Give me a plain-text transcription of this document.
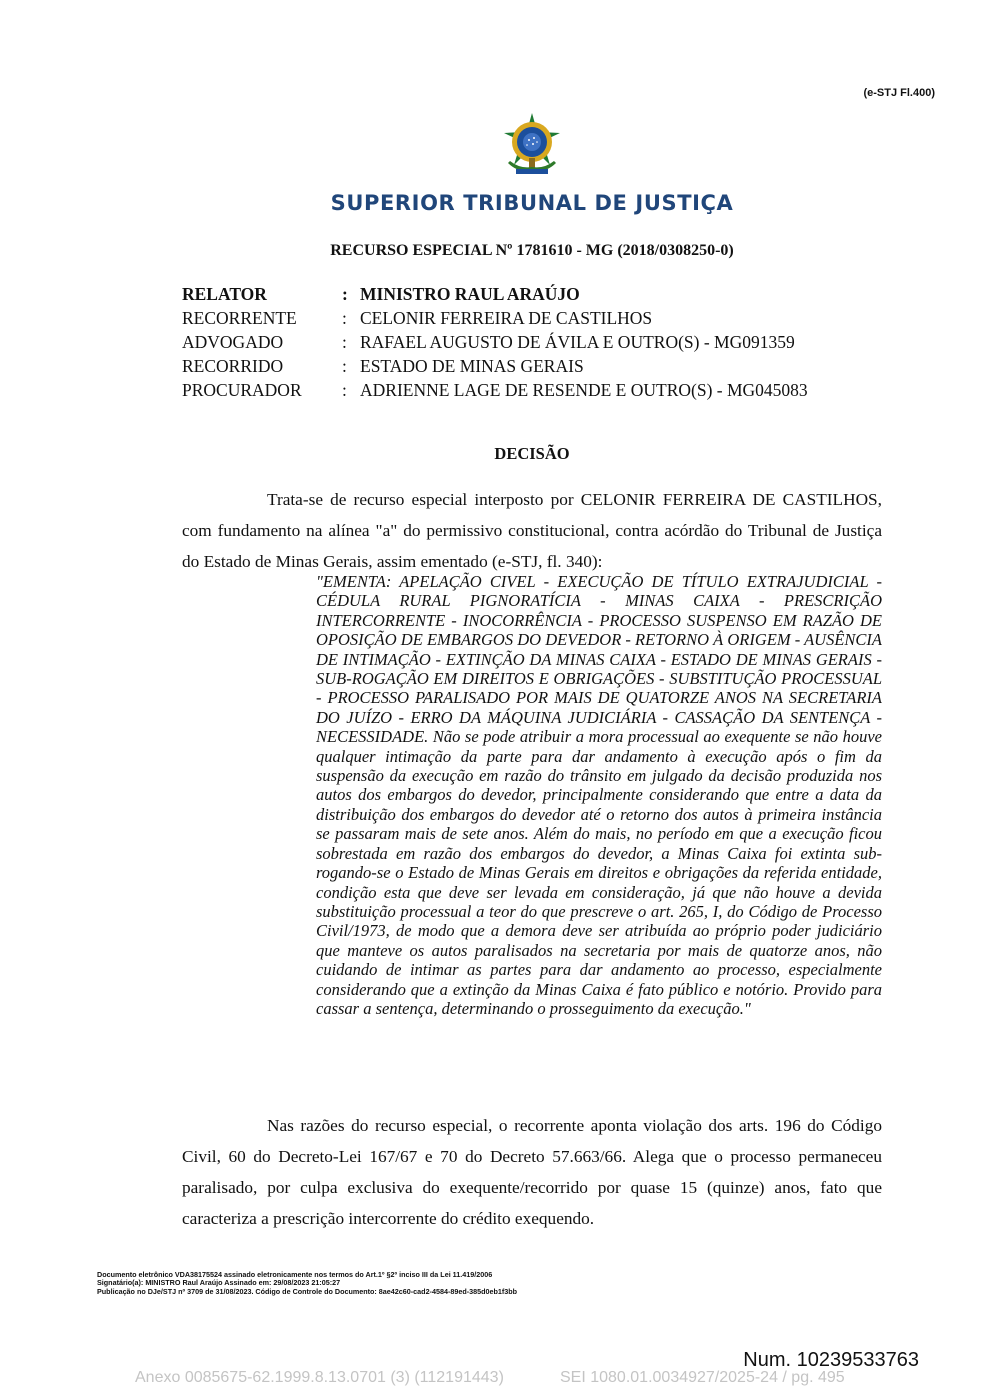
(e-STJ Fl.400)
SUPERIOR TRIBUNAL DE JUSTIÇA
RECURSO ESPECIAL Nº 1781610 - MG (2018/0308250-0)
RELATOR	: MINISTRO RAUL ARAÚJO
RECORRENTE	: CELONIR FERREIRA DE CASTILHOS
ADVOGADO	: RAFAEL AUGUSTO DE ÁVILA E OUTRO(S) - MG091359
RECORRIDO	: ESTADO DE MINAS GERAIS
PROCURADOR	: ADRIENNE LAGE DE RESENDE E OUTRO(S) - MG045083
DECISÃO
Trata-se de recurso especial interposto por CELONIR FERREIRA DE CASTILHOS, com fundamento na alínea "a" do permissivo constitucional, contra acórdão do Tribunal de Justiça do Estado de Minas Gerais, assim ementado (e-STJ, fl. 340):
"EMENTA: APELAÇÃO CIVEL - EXECUÇÃO DE TÍTULO EXTRAJUDICIAL - CÉDULA RURAL PIGNORATÍCIA - MINAS CAIXA - PRESCRIÇÃO INTERCORRENTE - INOCORRÊNCIA - PROCESSO SUSPENSO EM RAZÃO DE OPOSIÇÃO DE EMBARGOS DO DEVEDOR - RETORNO À ORIGEM - AUSÊNCIA DE INTIMAÇÃO - EXTINÇÃO DA MINAS CAIXA - ESTADO DE MINAS GERAIS - SUB-ROGAÇÃO EM DIREITOS E OBRIGAÇÕES - SUBSTITUÇÃO PROCESSUAL - PROCESSO PARALISADO POR MAIS DE QUATORZE ANOS NA SECRETARIA DO JUÍZO - ERRO DA MÁQUINA JUDICIÁRIA - CASSAÇÃO DA SENTENÇA - NECESSIDADE. Não se pode atribuir a mora processual ao exequente se não houve qualquer intimação da parte para dar andamento à execução após o fim da suspensão da execução em razão do trânsito em julgado da decisão produzida nos autos dos embargos do devedor, principalmente considerando que entre a data da distribuição dos embargos do devedor até o retorno dos autos à primeira instância se passaram mais de sete anos. Além do mais, no período em que a execução ficou sobrestada em razão dos embargos do devedor, a Minas Caixa foi extinta sub-rogando-se o Estado de Minas Gerais em direitos e obrigações da referida entidade, condição esta que deve ser levada em consideração, já que não houve a devida substituição processual a teor do que prescreve o art. 265, I, do Código de Processo Civil/1973, de modo que a demora deve ser atribuída ao próprio poder judiciário que manteve os autos paralisados na secretaria por mais de quatorze anos, não cuidando de intimar as partes para dar andamento ao processo, especialmente considerando que a extinção da Minas Caixa é fato público e notório. Provido para cassar a sentença, determinando o prosseguimento da execução."
Nas razões do recurso especial, o recorrente aponta violação dos arts. 196 do Código Civil, 60 do Decreto-Lei 167/67 e 70 do Decreto 57.663/66. Alega que o processo permaneceu paralisado, por culpa exclusiva do exequente/recorrido por quase 15 (quinze) anos, fato que caracteriza a prescrição intercorrente do crédito exequendo.
Documento eletrônico VDA38175524 assinado eletronicamente nos termos do Art.1º §2º inciso III da Lei 11.419/2006
Signatário(a): MINISTRO Raul Araújo Assinado em: 29/08/2023 21:05:27
Publicação no DJe/STJ nº 3709 de 31/08/2023. Código de Controle do Documento: 8ae42c60-cad2-4584-89ed-385d0eb1f3bb
Num. 10239533763
Anexo 0085675-62.1999.8.13.0701 (3) (112191443)	SEI 1080.01.0034927/2025-24 / pg. 495
